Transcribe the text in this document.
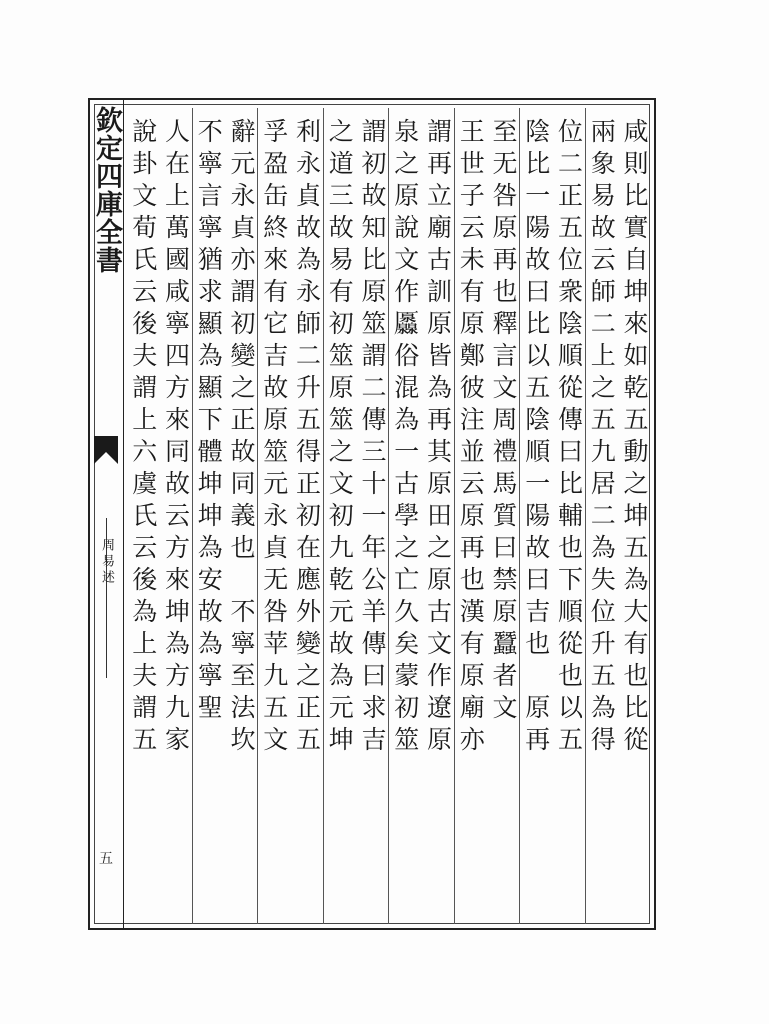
欽定四庫全書
周易述
五
咸則比實自坤來如乾五動之坤五為大有也比從
兩象易故云師二上之五九居二為失位升五為得
位二正五位衆陰順從傳曰比輔也下順從也以五
陰比一陽故曰比以五陰順一陽故曰吉也　原再
至无咎原再也釋言文周禮馬質曰禁原蠶者文
王世子云未有原鄭彼注並云原再也漢有原廟亦
謂再立廟古訓原皆為再其原田之原古文作遼原
泉之原說文作𠫐俗混為一古學之亡久矣蒙初筮
謂初故知比原筮謂二傳三十一年公羊傳曰求吉
之道三故易有初筮原筮之文初九乾元故為元坤
利永貞故為永師二升五得正初在應外變之正五
孚盈缶終來有它吉故原筮元永貞无咎苹九五文
辭元永貞亦謂初變之正故同義也　不寧至法坎
不寧言寧猶求顯為顯下體坤坤為安故為寧聖
人在上萬國咸寧四方來同故云方來坤為方九家
說卦文荀氏云後夫謂上六虞氏云後為上夫謂五
